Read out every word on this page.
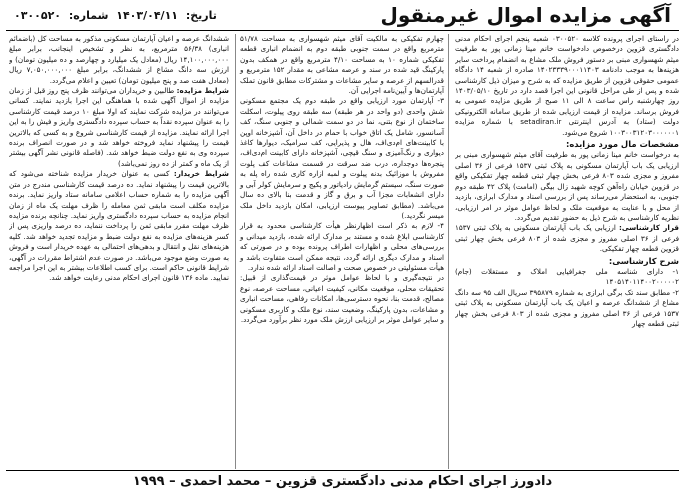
آگهی مزایده اموال غیرمنقول
تاریخ: ۱۴۰۳/۰۴/۱۱ شماره: ۰۳۰۰۵۲۰

در راستای اجرای پرونده کلاسه ۰۳۰۰۵۲۰ شعبه پنجم اجرای احکام مدنی دادگستری قزوین درخصوص دادخواست خانم مینا زمانی پور به طرفیت میثم شهسواری مبنی بر دستور فروش ملک مشاع به انضمام پرداخت سایر هزینه‌ها به موجب دادنامه ۱۴۰۲۳۳۳۹۰۰۰۱۱۴۰۳ صادره از شعبه ۱۴ دادگاه عمومی حقوقی قزوین از طریق مزایده که به شرح و میزان ذیل کارشناسی شده و پس از طی مراحل قانونی این اجرا قصد دارد در تاریخ ۱۴۰۳/۰۵/۱۰ روز چهارشنبه راس ساعت ۸ الی ۱۱ صبح از طریق مزایده عمومی به فروش برساند. مزایده از قیمت ارزیابی شده از طریق سامانه الکترونیکی دولت (ستاد) به آدرس اینترنتی setadiran.ir با شماره مزایده ۱۰۰۳۰۰۳۱۲۰۳۰۰۰۰۰۰۱ شروع می‌شود.

مشخصات مال مورد مزایده:

به درخواست خانم مینا زمانی پور به طرفیت آقای میثم شهسواری مبنی بر ارزیابی یک باب آپارتمان مسکونی به پلاک ثبتی ۱۵۳۷ فرعی از ۳۶ اصلی مفروز و مجزی شده ۸۰۳ فرعی بخش چهار ثبتی قطعه چهار تفکیکی واقع در قزوین خیابان راه‌آهن کوچه شهید زال بیگی (امامت) پلاک ۴۲ طبقه دوم جنوبی، به استحضار می‌رساند پس از بررسی اسناد و مدارک ابرازی، بازدید از محل و با عنایت به موقعیت ملک و لحاظ عوامل موثر در امر ارزیابی، نظریه کارشناسی به شرح ذیل به حضور تقدیم می‌گردد.

قرار کارشناسی: ارزیابی یک باب آپارتمان مسکونی به پلاک ثبتی ۱۵۳۷ فرعی از ۳۶ اصلی مفروز و مجزی شده از ۸۰۳ فرعی بخش چهار ثبتی قزوین قطعه چهار تفکیکی.

شرح کارشناسی:

۱- دارای شناسه ملی جغرافیایی املاک و مستغلات (جام) ۱۴۰۵۱۴۰۱۱۴۰۰۲۰۰۰۰۰۲

۲- مطابق سند تک برگی ابرازی به شماره ۳۹۵۸۷۹ سریال الف ۹۵ سه دانگ مشاع از ششدانگ عرصه و اعیان یک باب آپارتمان مسکونی به پلاک ثبتی ۱۵۳۷ فرعی از ۳۶ اصلی مفروز و مجزی شده از ۸۰۳ فرعی بخش چهار ثبتی قطعه چهار

چهارم تفکیکی به مالکیت آقای میثم شهسواری به مساحت ۵۱/۷۸ مترمربع واقع در سمت جنوبی طبقه دوم به انضمام انباری قطعه تفکیکی شماره ۱۰ به مساحت ۴/۱۰ مترمربع واقع در همکف بدون پارکینگ قید شده در سند و عرصه مشاعی به مقدار ۱۵۲ مترمربع و قدرالسهم از عرصه و سایر مشاعات و مشترکات مطابق قانون تملک آپارتمان‌ها و آیین‌نامه اجرایی آن.

۳- آپارتمان مورد ارزیابی واقع در طبقه دوم یک مجتمع مسکونی شش واحدی (دو واحد در هر طبقه) سه طبقه روی پیلوت، اسکلت ساختمان از نوع بتنی، نما در دو سمت شمالی و جنوبی سنگ، کف آسانسور، شامل یک اتاق خواب با حمام در داخل آن، آشپزخانه اوپن با کابینت‌های ام‌دی‌اف، هال و پذیرایی، کف سرامیک، دیوارها کاغذ دیواری و رنگ‌آمیزی و سنگ قیچی، آشپزخانه دارای کابینت ام‌دی‌اف، پنجره‌ها دوجداره، درب ضد سرقت در قسمت مشاعات کف پلوت مفروش با موزائیک بدنه پیلوت و لمبه ازاره کاری شده راه پله به صورت سنگ، سیستم گرمایش رادیاتور و پکیج و سرمایش کولر آبی و دارای انشعابات مجزا آب و برق و گاز و قدمت بنا بالای ده سال می‌باشد. (مطابق تصاویر پیوست ارزیابی، امکان بازدید داخل ملک میسر نگردید.)

۴- لازم به ذکر است اظهارنظر هیأت کارشناسی محدود به قرار کارشناسی ابلاغ شده و مستند بر مدارک ارائه شده، بازدید میدانی و بررسی‌های محلی و اظهارات اطراف پرونده بوده و در صورتی که اسناد و مدارک دیگری ارائه گردد، نتیجه ممکن است متفاوت باشد و هیأت مسئولیتی در خصوص صحت و اصالت اسناد ارائه شده ندارد.

در نتیجه‌گیری و با لحاظ عوامل موثر در قیمت‌گذاری از قبیل: تحقیقات محلی، موقعیت مکانی، کیفیت اعیانی، مساحت عرصه، نوع مصالح، قدمت بنا، نحوه دسترسی‌ها، امکانات رفاهی، مساحت انباری و مشاعات، بدون پارکینگ، وضعیت سند، نوع ملک و کاربری مسکونی و سایر عوامل موثر بر ارزیابی ارزش ملک مورد نظر برآورد می‌گردد.

ششدانگ عرصه و اعیان آپارتمان مسکونی مذکور به مساحت کل (باضمائم انباری) ۵۶/۳۸ مترمربع، به نظر و تشخیص اینجانب، برابر مبلغ ۱۴,۱۰۰,۰۰۰,۰۰۰ ریال (معادل یک میلیارد و چهارصد و ده میلیون تومان) و ارزش سه دانگ مشاع از ششدانگ، برابر مبلغ ۷,۰۵۰,۰۰۰,۰۰۰ ریال (معادل هفت صد و پنج میلیون تومان) تعیین و اعلام می‌گردد.

شرایط مزایده: طالبین و خریداران می‌توانند ظرف پنج روز قبل از زمان مزایده از اموال آگهی شده با هماهنگی این اجرا بازدید نمایند. کسانی می‌توانند در مزایده شرکت نمایند که اولا مبلغ ۱۰ درصد قیمت کارشناسی را به عنوان سپرده نقداً به حساب سپرده دادگستری واریز و فیش را به این اجرا ارائه نمایند. مزایده از قیمت کارشناسی شروع و به کسی که بالاترین قیمت را پیشنهاد نماید فروخته خواهد شد و در صورت انصراف برنده سپرده وی به نفع دولت ضبط خواهد شد. (فاصله قانونی نشر آگهی بیشتر از یک ماه و کمتر از ده روز نمی‌باشد)

شرایط خریدار: کسی به عنوان خریدار مزایده شناخته می‌شود که بالاترین قیمت را پیشنهاد نماید. ده درصد قیمت کارشناسی مندرج در متن آگهی مزایده را به شماره حساب اعلامی سامانه ستاد واریز نماید. برنده مزایده مکلف است مابقی ثمن معامله را ظرف مهلت یک ماه از زمان انجام مزایده به حساب سپرده دادگستری واریز نماید. چنانچه برنده مزایده ظرف مهلت مقرر مابقی ثمن را پرداخت ننماید، ده درصد واریزی پس از کسر هزینه‌های مزایده به نفع دولت ضبط و مزایده تجدید خواهد شد. کلیه هزینه‌های نقل و انتقال و بدهی‌های احتمالی به عهده خریدار است و فروش به صورت وضع موجود می‌باشد. در صورت عدم اشتراط مقررات در آگهی، شرایط قانونی حاکم است. برای کسب اطلاعات بیشتر به این اجرا مراجعه نمایید. ماده ۱۳۶ قانون اجرای احکام مدنی رعایت خواهد شد.

دادورز اجرای احکام مدنی دادگستری قزوین – محمد احمدی – ۱۹۹۹
